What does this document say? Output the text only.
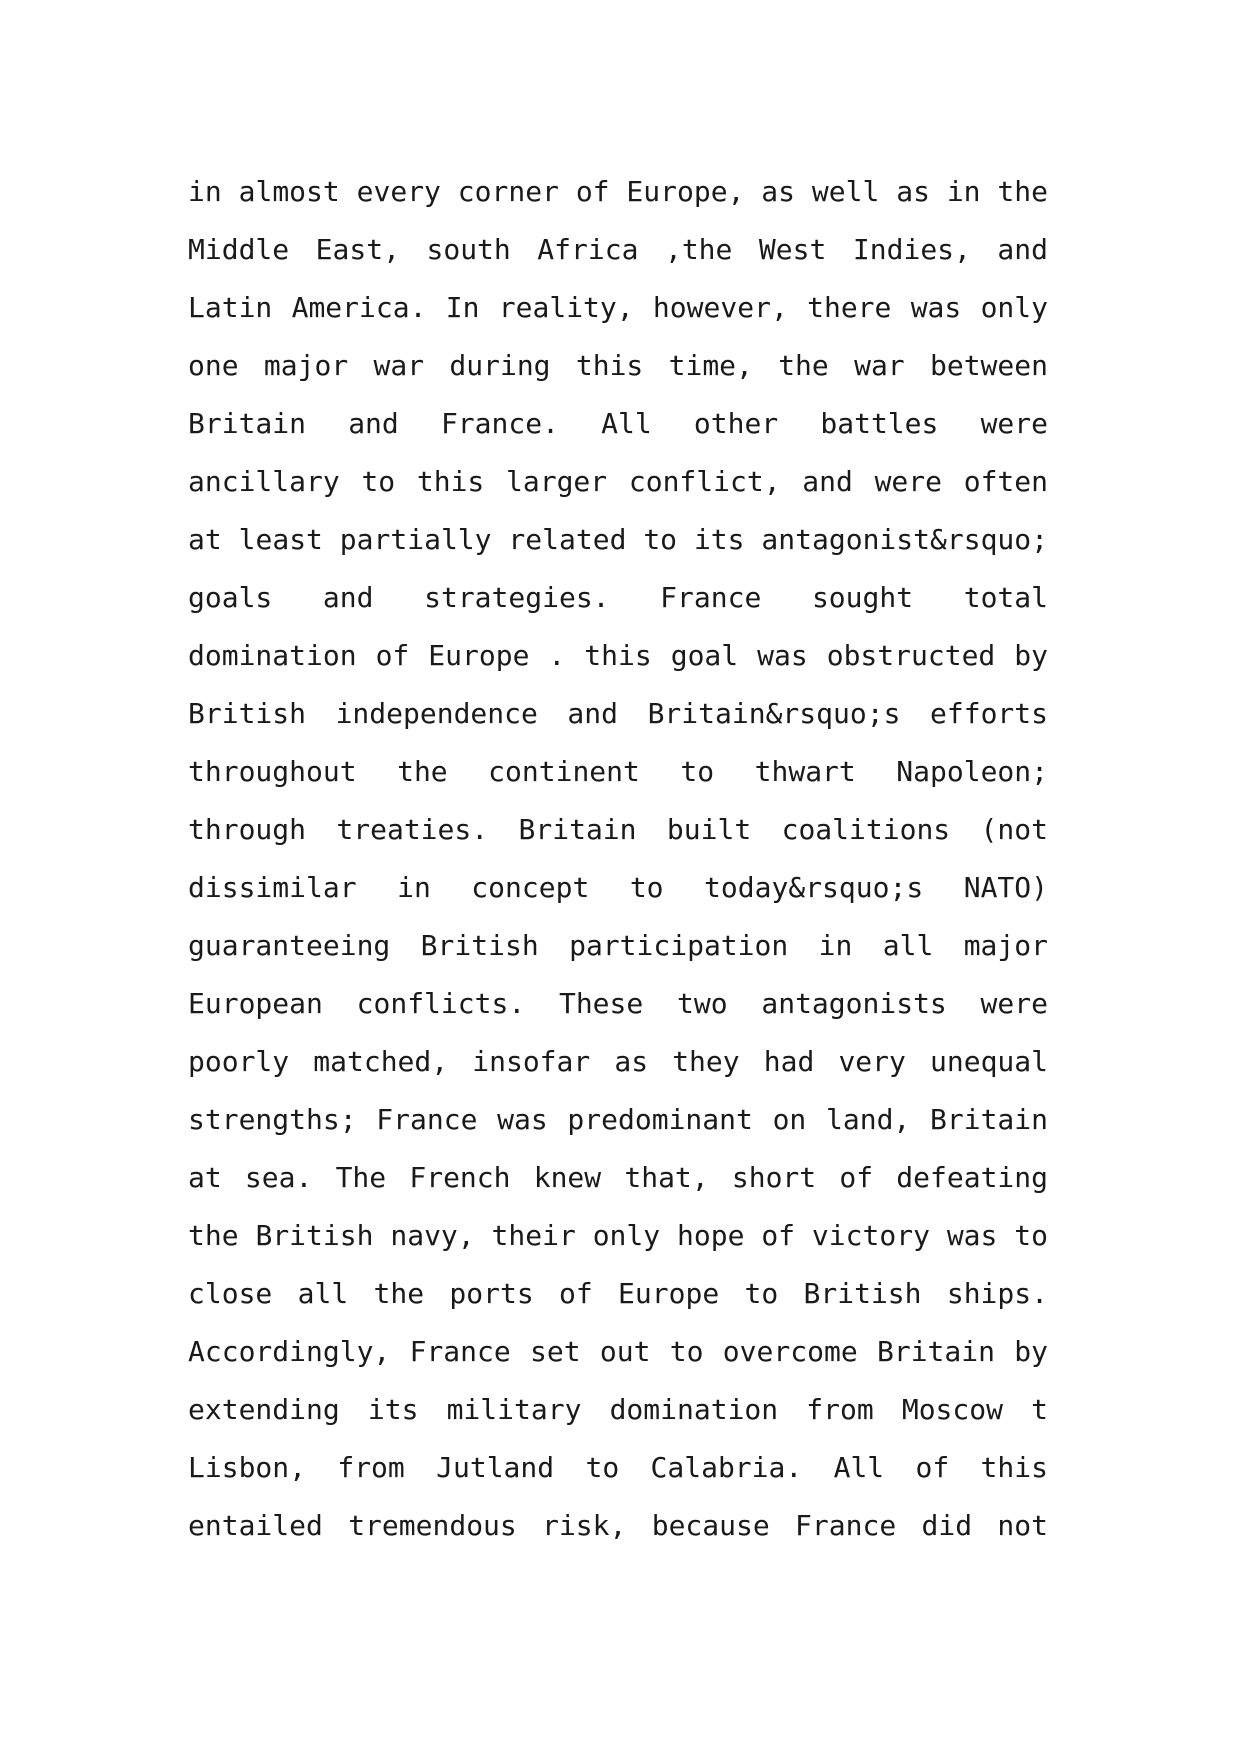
in almost every corner of Europe, as well as in the
Middle East, south Africa ,the West Indies, and
Latin America. In reality, however, there was only
one major war during this time, the war between
Britain and France. All other battles were
ancillary to this larger conflict, and were often
at least partially related to its antagonist&rsquo;
goals and strategies. France sought total
domination of Europe . this goal was obstructed by
British independence and Britain&rsquo;s efforts
throughout the continent to thwart Napoleon;
through treaties. Britain built coalitions (not
dissimilar in concept to today&rsquo;s NATO)
guaranteeing British participation in all major
European conflicts. These two antagonists were
poorly matched, insofar as they had very unequal
strengths; France was predominant on land, Britain
at sea. The French knew that, short of defeating
the British navy, their only hope of victory was to
close all the ports of Europe to British ships.
Accordingly, France set out to overcome Britain by
extending its military domination from Moscow t
Lisbon, from Jutland to Calabria. All of this
entailed tremendous risk, because France did not
